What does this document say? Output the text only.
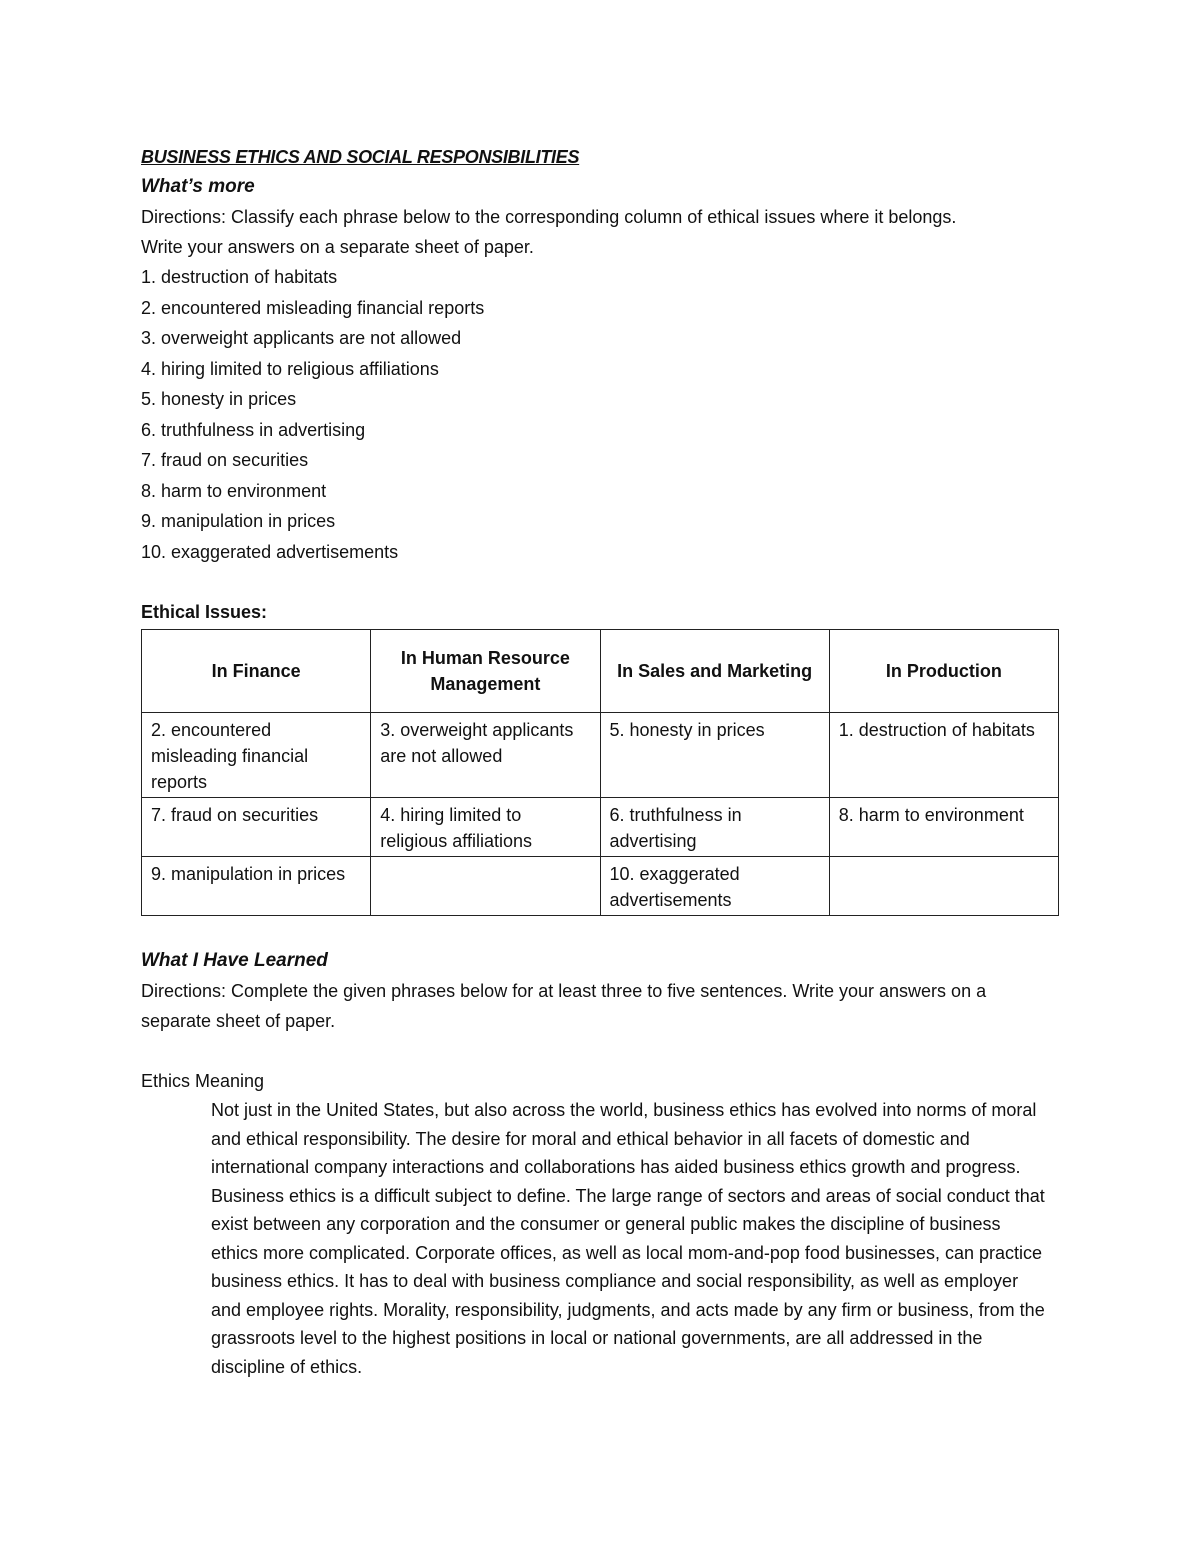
BUSINESS ETHICS AND SOCIAL RESPONSIBILITIES

What’s more

Directions: Classify each phrase below to the corresponding column of ethical issues where it belongs.

Write your answers on a separate sheet of paper.

1. destruction of habitats
2. encountered misleading financial reports
3. overweight applicants are not allowed
4. hiring limited to religious affiliations
5. honesty in prices
6. truthfulness in advertising
7. fraud on securities
8. harm to environment
9. manipulation in prices
10. exaggerated advertisements

Ethical Issues:

In Finance	In Human Resource Management	In Sales and Marketing	In Production
2. encountered misleading financial reports	3. overweight applicants are not allowed	5. honesty in prices	1. destruction of habitats
7. fraud on securities	4. hiring limited to religious affiliations	6. truthfulness in advertising	8. harm to environment
9. manipulation in prices		10. exaggerated advertisements	

What I Have Learned

Directions: Complete the given phrases below for at least three to five sentences. Write your answers on a separate sheet of paper.

Ethics Meaning

Not just in the United States, but also across the world, business ethics has evolved into norms of moral and ethical responsibility. The desire for moral and ethical behavior in all facets of domestic and international company interactions and collaborations has aided business ethics growth and progress. Business ethics is a difficult subject to define. The large range of sectors and areas of social conduct that exist between any corporation and the consumer or general public makes the discipline of business ethics more complicated. Corporate offices, as well as local mom-and-pop food businesses, can practice business ethics. It has to deal with business compliance and social responsibility, as well as employer and employee rights. Morality, responsibility, judgments, and acts made by any firm or business, from the grassroots level to the highest positions in local or national governments, are all addressed in the discipline of ethics.
